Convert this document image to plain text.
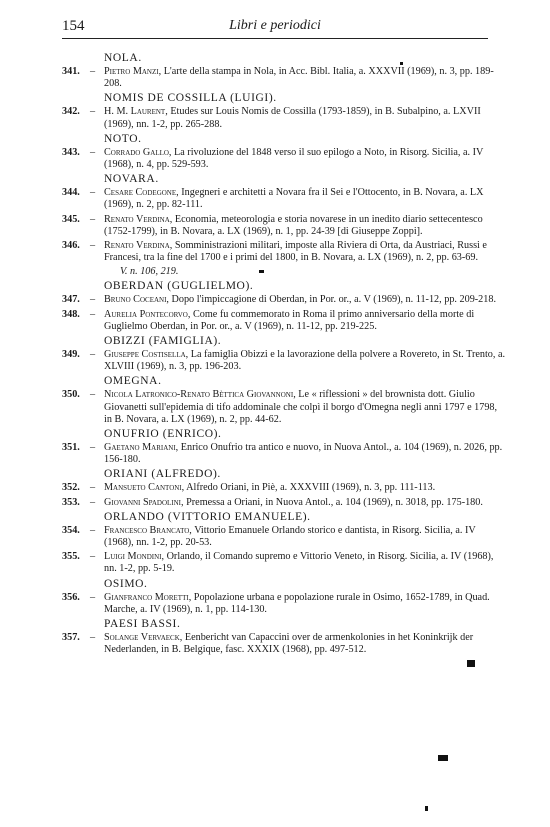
154	Libri e periodici
NOLA.
341. – Pietro Manzi, L'arte della stampa in Nola, in Acc. Bibl. Italia, a. XXXVII (1969), n. 3, pp. 189-208.
NOMIS DE COSSILLA (LUIGI).
342. – H. M. Laurent, Etudes sur Louis Nomis de Cossilla (1793-1859), in B. Subalpino, a. LXVII (1969), nn. 1-2, pp. 265-288.
NOTO.
343. – Corrado Gallo, La rivoluzione del 1848 verso il suo epilogo a Noto, in Risorg. Sicilia, a. IV (1968), n. 4, pp. 529-593.
NOVARA.
344. – Cesare Codegone, Ingegneri e architetti a Novara fra il Sei e l'Ottocento, in B. Novara, a. LX (1969), n. 2, pp. 82-111.
345. – Renato Verdina, Economia, meteorologia e storia novarese in un inedito diario settecentesco (1752-1799), in B. Novara, a. LX (1969), n. 1, pp. 24-39 [di Giuseppe Zoppi].
346. – Renato Verdina, Somministrazioni militari, imposte alla Riviera di Orta, da Austriaci, Russi e Francesi, tra la fine del 1700 e i primi del 1800, in B. Novara, a. LX (1969), n. 2, pp. 63-69.
V. n. 106, 219.
OBERDAN (GUGLIELMO).
347. – Bruno Coceani, Dopo l'impiccagione di Oberdan, in Por. or., a. V (1969), n. 11-12, pp. 209-218.
348. – Aurelia Pontecorvo, Come fu commemorato in Roma il primo anniversario della morte di Guglielmo Oberdan, in Por. or., a. V (1969), n. 11-12, pp. 219-225.
OBIZZI (FAMIGLIA).
349. – Giuseppe Costisella, La famiglia Obizzi e la lavorazione della polvere a Rovereto, in St. Trento, a. XLVIII (1969), n. 3, pp. 196-203.
OMEGNA.
350. – Nicola Latronico-Renato Bèttica Giovannoni, Le « riflessioni » del brownista dott. Giulio Giovanetti sull'epidemia di tifo addominale che colpì il borgo d'Omegna negli anni 1797 e 1798, in B. Novara, a. LX (1969), n. 2, pp. 44-62.
ONUFRIO (ENRICO).
351. – Gaetano Mariani, Enrico Onufrio tra antico e nuovo, in Nuova Antol., a. 104 (1969), n. 2026, pp. 156-180.
ORIANI (ALFREDO).
352. – Mansueto Cantoni, Alfredo Oriani, in Piè, a. XXXVIII (1969), n. 3, pp. 111-113.
353. – Giovanni Spadolini, Premessa a Oriani, in Nuova Antol., a. 104 (1969), n. 3018, pp. 175-180.
ORLANDO (VITTORIO EMANUELE).
354. – Francesco Brancato, Vittorio Emanuele Orlando storico e dantista, in Risorg. Sicilia, a. IV (1968), nn. 1-2, pp. 20-53.
355. – Luigi Mondini, Orlando, il Comando supremo e Vittorio Veneto, in Risorg. Sicilia, a. IV (1968), nn. 1-2, pp. 5-19.
OSIMO.
356. – Gianfranco Moretti, Popolazione urbana e popolazione rurale in Osimo, 1652-1789, in Quad. Marche, a. IV (1969), n. 1, pp. 114-130.
PAESI BASSI.
357. – Solange Vervaeck, Eenbericht van Capaccini over de armenkolonies in het Koninkrijk der Nederlanden, in B. Belgique, fasc. XXXIX (1968), pp. 497-512.
